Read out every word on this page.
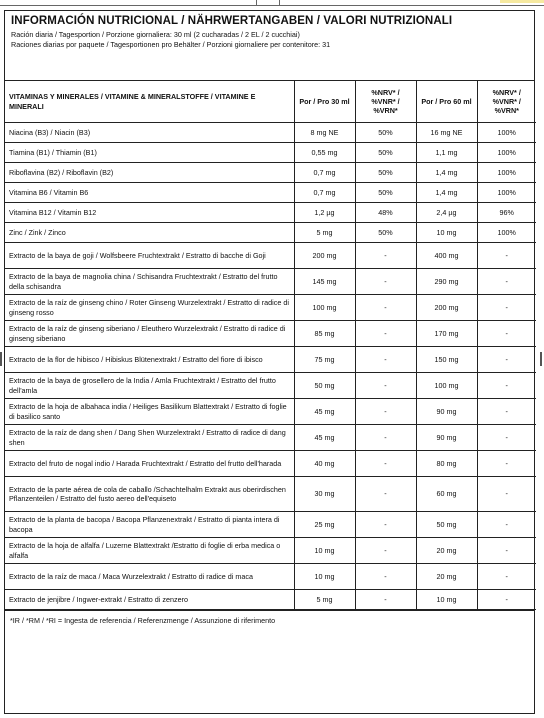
INFORMACIÓN NUTRICIONAL / NÄHRWERTANGABEN / VALORI NUTRIZIONALI
Ración diaria / Tagesportion / Porzione giornaliera: 30 ml (2 cucharadas / 2 EL / 2 cucchiai)
Raciones diarias por paquete / Tagesportionen pro Behälter / Porzioni giornaliere per contenitore: 31
VITAMINAS Y MINERALES / VITAMINE & MINERALSTOFFE / VITAMINE E MINERALI	Por / Pro 30 ml	%NRV* / %VNR* / %VRN*	Por / Pro 60 ml	%NRV* / %VNR* / %VRN*
Niacina (B3) / Niacin (B3)	8 mg NE	50%	16 mg NE	100%
Tiamina (B1) / Thiamin (B1)	0,55 mg	50%	1,1 mg	100%
Riboflavina (B2) / Riboflavin (B2)	0,7 mg	50%	1,4 mg	100%
Vitamina B6 / Vitamin B6	0,7 mg	50%	1,4 mg	100%
Vitamina B12 / Vitamin B12	1,2 µg	48%	2,4 µg	96%
Zinc / Zink / Zinco	5 mg	50%	10 mg	100%
Extracto de la baya de goji / Wolfsbeere Fruchtextrakt / Estratto di bacche di Goji	200 mg	-	400 mg	-
Extracto de la baya de magnolia china / Schisandra Fruchtextrakt / Estratto del frutto della schisandra	145 mg	-	290 mg	-
Extracto de la raíz de ginseng chino / Roter Ginseng Wurzelextrakt / Estratto di radice di ginseng rosso	100 mg	-	200 mg	-
Extracto de la raíz de ginseng siberiano / Eleuthero Wurzelextrakt / Estratto di radice di ginseng siberiano	85 mg	-	170 mg	-
Extracto de la flor de hibisco / Hibiskus Blütenextrakt / Estratto del fiore di ibisco	75 mg	-	150 mg	-
Extracto de la baya de grosellero de la India / Amla Fruchtextrakt / Estratto del frutto dell'amla	50 mg	-	100 mg	-
Extracto de la hoja de albahaca india / Heiliges Basilikum Blattextrakt / Estratto di foglie di basilico santo	45 mg	-	90 mg	-
Extracto de la raíz de dang shen / Dang Shen Wurzelextrakt / Estratto di radice di dang shen	45 mg	-	90 mg	-
Extracto del fruto de nogal indio / Harada Fruchtextrakt / Estratto del frutto dell'harada	40 mg	-	80 mg	-
Extracto de la parte aérea de cola de caballo /Schachtelhalm Extrakt aus oberirdischen Pflanzenteilen / Estratto del fusto aereo dell'equiseto	30 mg	-	60 mg	-
Extracto de la planta de bacopa / Bacopa Pflanzenextrakt / Estratto di pianta intera di bacopa	25 mg	-	50 mg	-
Extracto de la hoja de alfalfa / Luzerne Blattextrakt /Estratto di foglie di erba medica o alfalfa	10 mg	-	20 mg	-
Extracto de la raíz de maca / Maca Wurzelextrakt / Estratto di radice di maca	10 mg	-	20 mg	-
Extracto de jenjibre / Ingwer-extrakt / Estratto di zenzero	5 mg	-	10 mg	-
*IR / *RM / *RI = Ingesta de referencia / Referenzmenge / Assunzione di riferimento
